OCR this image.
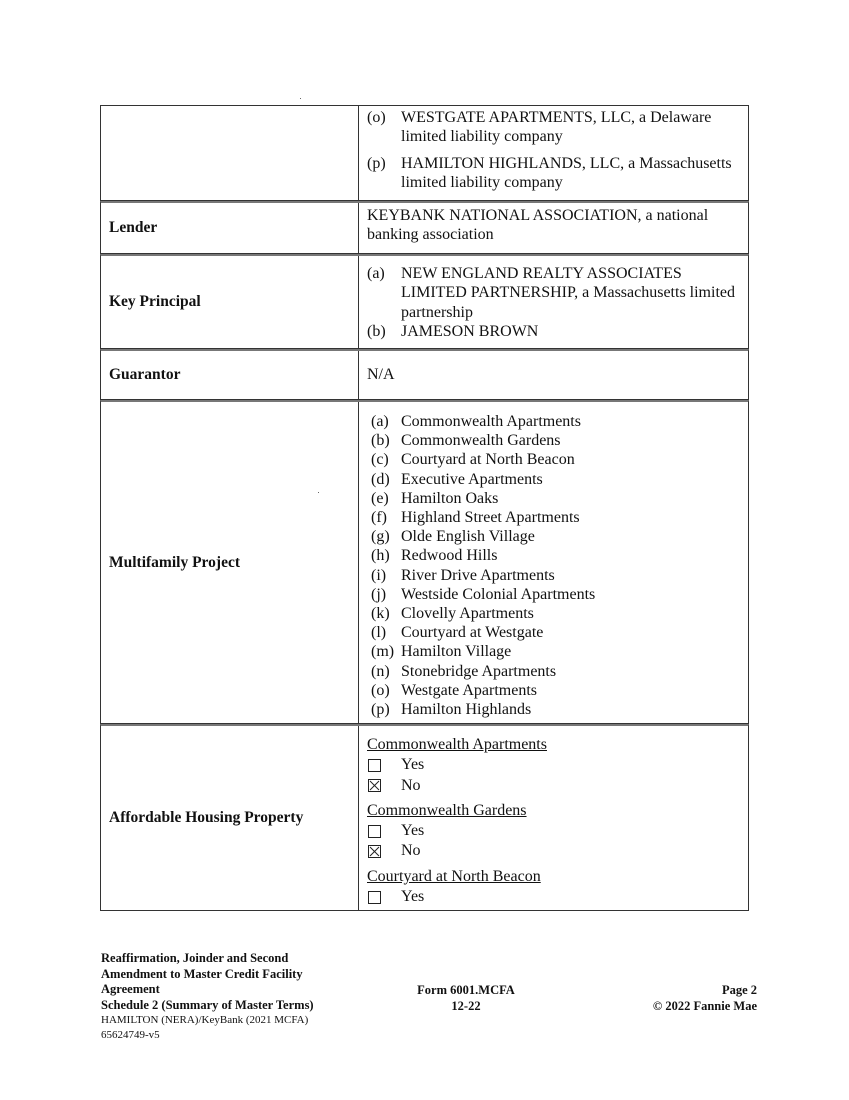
(o) WESTGATE APARTMENTS, LLC, a Delaware limited liability company
(p) HAMILTON HIGHLANDS, LLC, a Massachusetts limited liability company
Lender
KEYBANK NATIONAL ASSOCIATION, a national banking association
Key Principal
(a)	NEW ENGLAND REALTY ASSOCIATES LIMITED PARTNERSHIP, a Massachusetts limited partnership
(b) JAMESON BROWN
Guarantor	N/A
Multifamily Project
(a) Commonwealth Apartments
(b) Commonwealth Gardens
(c) Courtyard at North Beacon
(d) Executive Apartments
(e) Hamilton Oaks
(f) Highland Street Apartments
(g) Olde English Village
(h) Redwood Hills
(i) River Drive Apartments
(j) Westside Colonial Apartments
(k) Clovelly Apartments
(l) Courtyard at Westgate
(m) Hamilton Village
(n) Stonebridge Apartments
(o) Westgate Apartments
(p) Hamilton Highlands
Affordable Housing Property
Commonwealth Apartments
Yes
No
Commonwealth Gardens
Yes
No
Courtyard at North Beacon
Yes
Reaffirmation, Joinder and Second
Amendment to Master Credit Facility
Agreement
Schedule 2 (Summary of Master Terms)
HAMILTON (NERA)/KeyBank (2021 MCFA)
65624749-v5
Form 6001.MCFA
12-22
Page 2
© 2022 Fannie Mae
